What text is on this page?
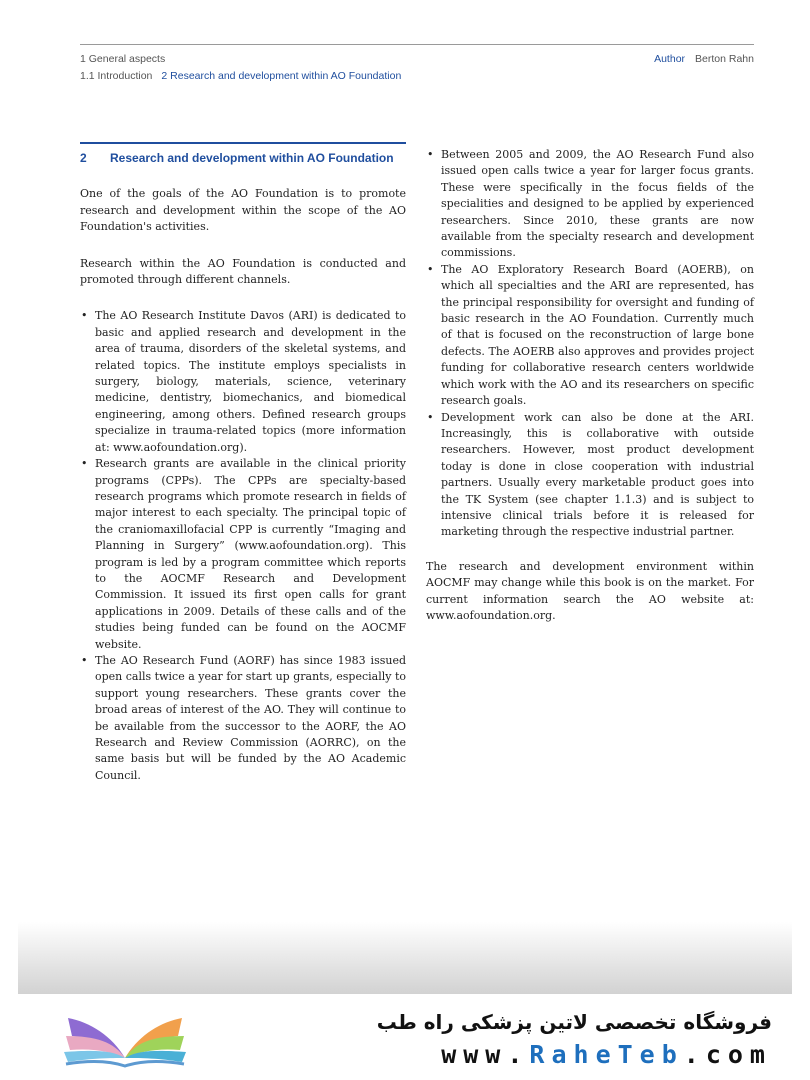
1 General aspects	Author Berton Rahn
1.1 Introduction 2 Research and development within AO Foundation
2	Research and development within AO Foundation

One of the goals of the AO Foundation is to promote research and development within the scope of the AO Foundation's activities.

Research within the AO Foundation is conducted and promoted through different channels.

• The AO Research Institute Davos (ARI) is dedicated to basic and applied research and development in the area of trauma, disorders of the skeletal systems, and related topics. The institute employs specialists in surgery, biology, materials, science, veterinary medicine, dentistry, biomechanics, and biomedical engineering, among others. Defined research groups specialize in trauma-related topics (more information at: www.aofoundation.org).
• Research grants are available in the clinical priority programs (CPPs). The CPPs are specialty-based research programs which promote research in fields of major interest to each specialty. The principal topic of the craniomaxillofacial CPP is currently “Imaging and Planning in Surgery” (www.aofoundation.org). This program is led by a program committee which reports to the AOCMF Research and Development Commission. It issued its first open calls for grant applications in 2009. Details of these calls and of the studies being funded can be found on the AOCMF website.
• The AO Research Fund (AORF) has since 1983 issued open calls twice a year for start up grants, especially to support young researchers. These grants cover the broad areas of interest of the AO. They will continue to be available from the successor to the AORF, the AO Research and Review Commission (AORRC), on the same basis but will be funded by the AO Academic Council.
• Between 2005 and 2009, the AO Research Fund also issued open calls twice a year for larger focus grants. These were specifically in the focus fields of the specialities and designed to be applied by experienced researchers. Since 2010, these grants are now available from the specialty research and development commissions.
• The AO Exploratory Research Board (AOERB), on which all specialties and the ARI are represented, has the principal responsibility for oversight and funding of basic research in the AO Foundation. Currently much of that is focused on the reconstruction of large bone defects. The AOERB also approves and provides project funding for collaborative research centers worldwide which work with the AO and its researchers on specific research goals.
• Development work can also be done at the ARI. Increasingly, this is collaborative with outside researchers. However, most product development today is done in close cooperation with industrial partners. Usually every marketable product goes into the TK System (see chapter 1.1.3) and is subject to intensive clinical trials before it is released for marketing through the respective industrial partner.

The research and development environment within AOCMF may change while this book is on the market. For current information search the AO website at: www.aofoundation.org.

فروشگاه تخصصی لاتین پزشکی راه طب
www.RaheTeb.com
